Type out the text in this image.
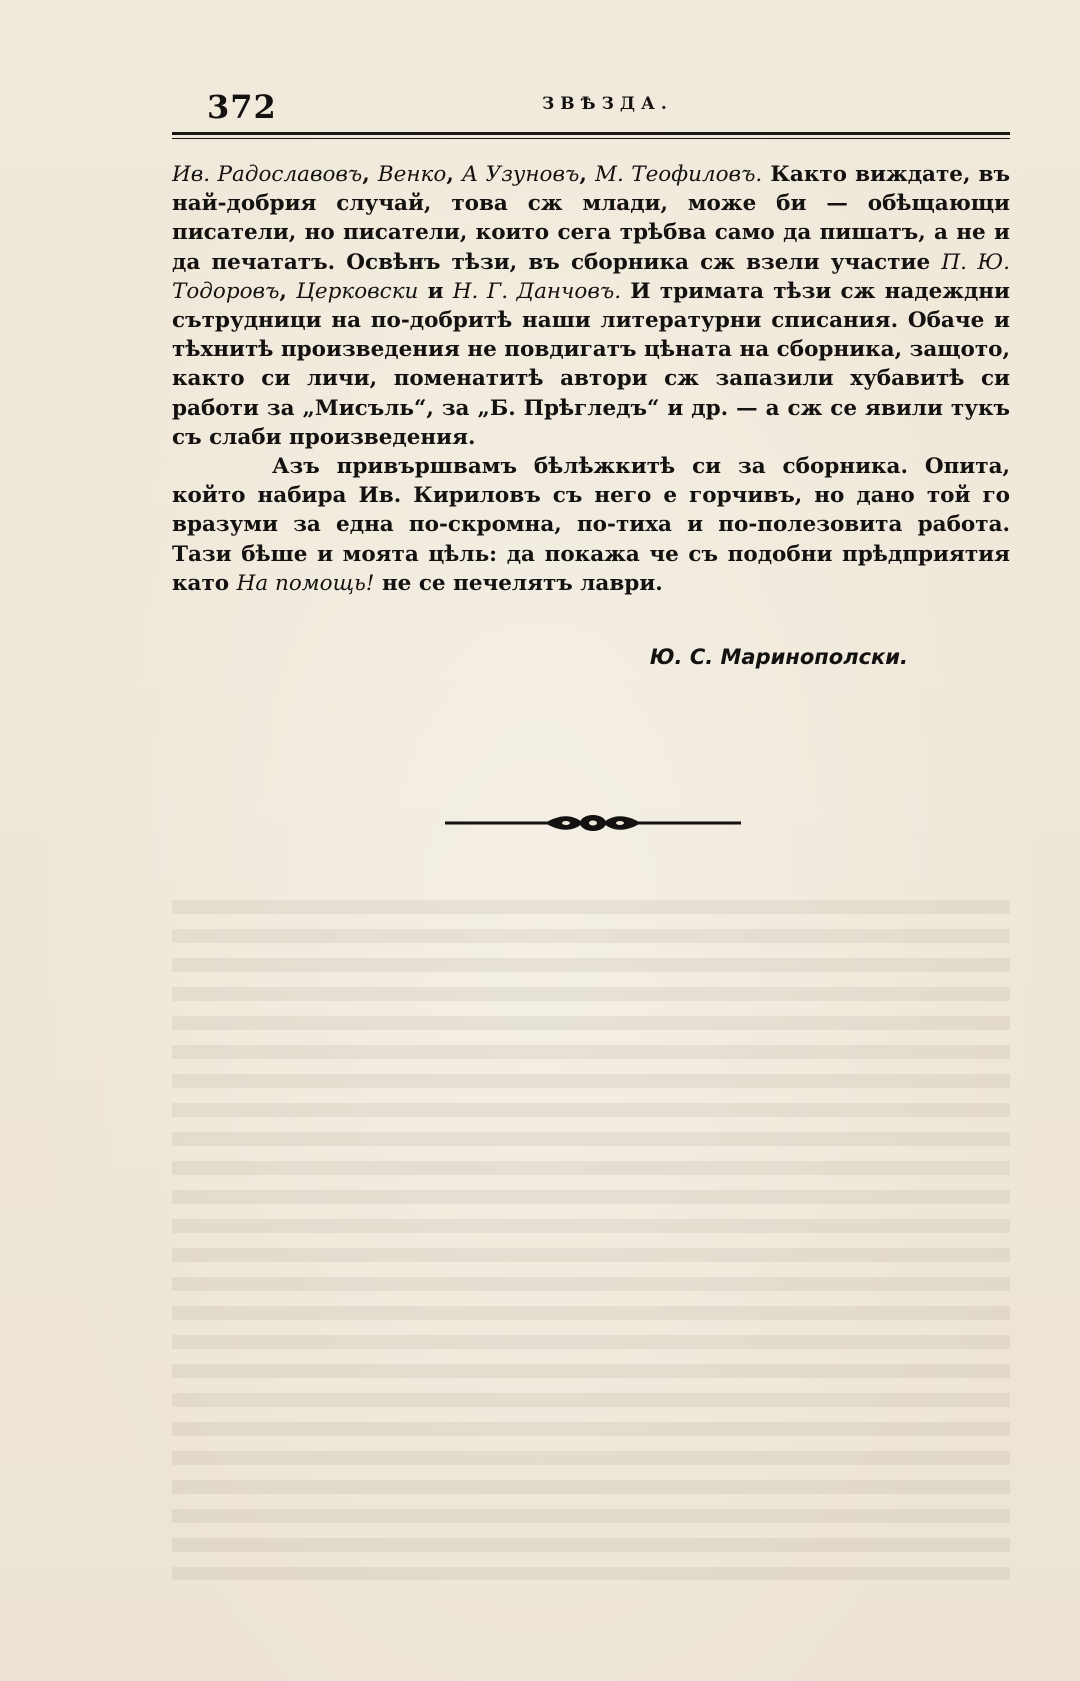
372	ЗВѢЗДА.

Ив. Радославовъ, Венко, А Узуновъ, М. Теофиловъ. Както виждате, въ най-добрия случай, това сж млади, може би — обѣщающи писатели, но писатели, които сега трѣбва само да пишатъ, а не и да печататъ. Освѣнъ тѣзи, въ сборника сж взели участие П. Ю. Тодоровъ, Церковски и Н. Г. Данчовъ. И тримата тѣзи сж надеждни сътрудници на по-добритѣ наши литературни списания. Обаче и тѣхнитѣ произведения не повдигатъ цѣната на сборника, защото, както си личи, поменатитѣ автори сж запазили хубавитѣ си работи за „Мисъль“, за „Б. Прѣгледъ“ и др. — а сж се явили тукъ съ слаби произведения.

Азъ привършвамъ бѣлѣжкитѣ си за сборника. Опита, който набира Ив. Кириловъ съ него е горчивъ, но дано той го вразуми за една по-скромна, по-тиха и по-полезовита работа. Тази бѣше и моята цѣль: да покажа че съ подобни прѣдприятия като На помощь! не се печелятъ лаври.

Ю. С. Маринополски.
